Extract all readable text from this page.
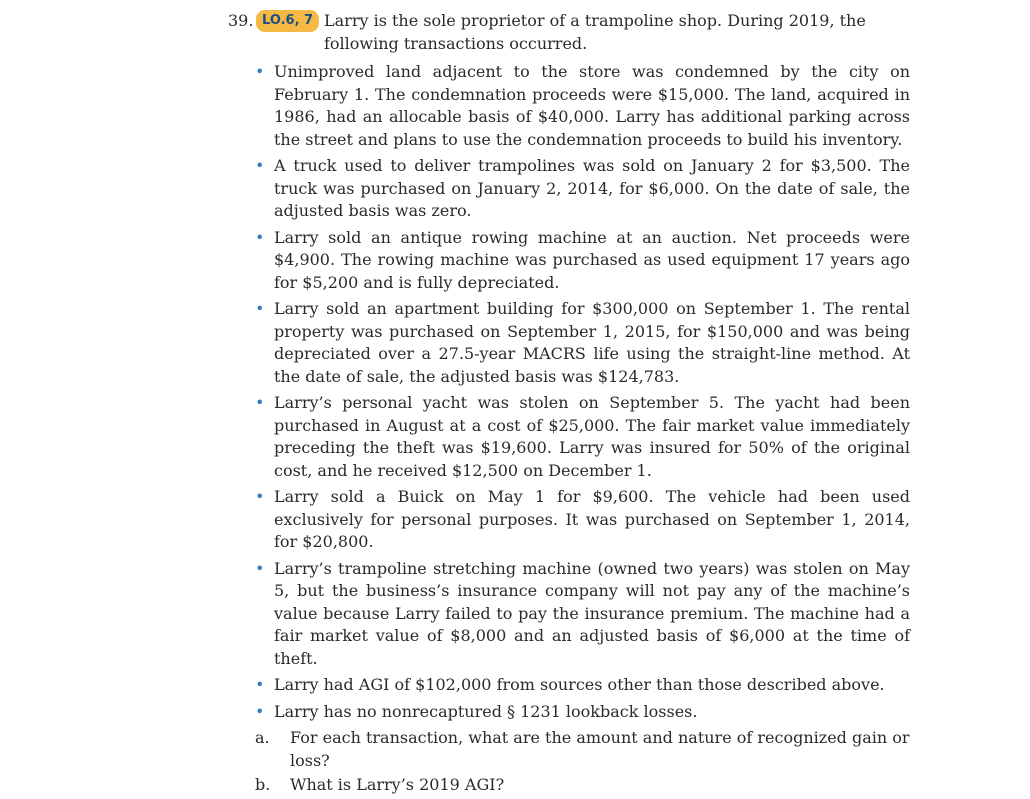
39. LO.6, 7 Larry is the sole proprietor of a trampoline shop. During 2019, the following transactions occurred.
• Unimproved land adjacent to the store was condemned by the city on February 1. The condemnation proceeds were $15,000. The land, acquired in 1986, had an allocable basis of $40,000. Larry has additional parking across the street and plans to use the condemnation proceeds to build his inventory.
• A truck used to deliver trampolines was sold on January 2 for $3,500. The truck was purchased on January 2, 2014, for $6,000. On the date of sale, the adjusted basis was zero.
• Larry sold an antique rowing machine at an auction. Net proceeds were $4,900. The rowing machine was purchased as used equipment 17 years ago for $5,200 and is fully depreciated.
• Larry sold an apartment building for $300,000 on September 1. The rental property was purchased on September 1, 2015, for $150,000 and was being depreciated over a 27.5-year MACRS life using the straight-line method. At the date of sale, the adjusted basis was $124,783.
• Larry’s personal yacht was stolen on September 5. The yacht had been purchased in August at a cost of $25,000. The fair market value immediately preceding the theft was $19,600. Larry was insured for 50% of the original cost, and he received $12,500 on December 1.
• Larry sold a Buick on May 1 for $9,600. The vehicle had been used exclusively for personal purposes. It was purchased on September 1, 2014, for $20,800.
• Larry’s trampoline stretching machine (owned two years) was stolen on May 5, but the business’s insurance company will not pay any of the machine’s value because Larry failed to pay the insurance premium. The machine had a fair market value of $8,000 and an adjusted basis of $6,000 at the time of theft.
• Larry had AGI of $102,000 from sources other than those described above.
• Larry has no nonrecaptured § 1231 lookback losses.
a. For each transaction, what are the amount and nature of recognized gain or loss?
b. What is Larry’s 2019 AGI?
